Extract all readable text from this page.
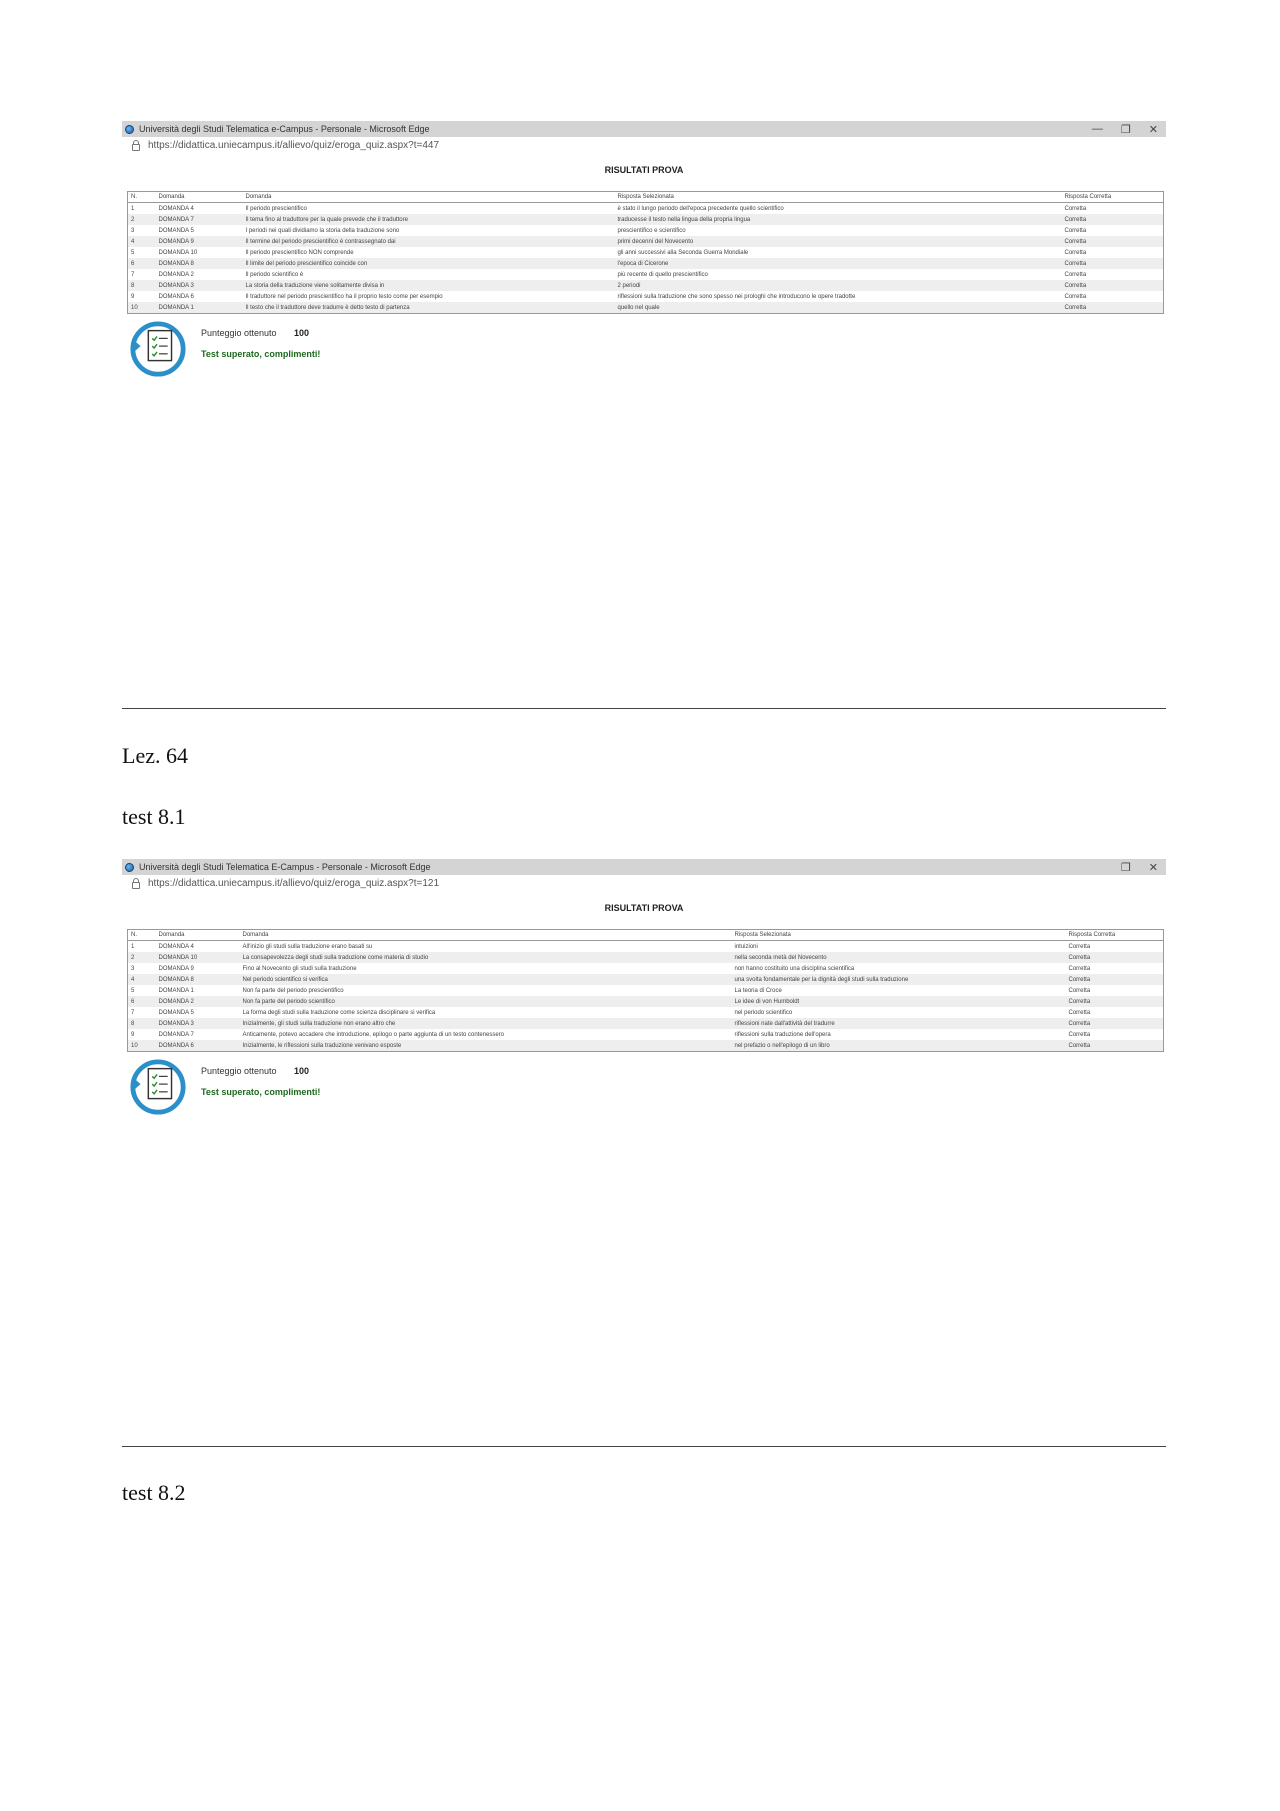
Università degli Studi Telematica e-Campus - Personale - Microsoft Edge	— ❐ ✕
https://didattica.uniecampus.it/allievo/quiz/eroga_quiz.aspx?t=447
RISULTATI PROVA
N.	Domanda	Domanda	Risposta Selezionata	Risposta Corretta
1	DOMANDA 4	Il periodo prescientifico	è stato il lungo periodo dell'epoca precedente quello scientifico	Corretta
2	DOMANDA 7	Il tema fino al traduttore per la quale prevede che il traduttore	traducesse il testo nella lingua della propria lingua	Corretta
3	DOMANDA 5	I periodi nei quali dividiamo la storia della traduzione sono	prescientifico e scientifico	Corretta
4	DOMANDA 9	Il termine del periodo prescientifico è contrassegnato dai	primi decenni del Novecento	Corretta
5	DOMANDA 10	Il periodo prescientifico NON comprende	gli anni successivi alla Seconda Guerra Mondiale	Corretta
6	DOMANDA 8	Il limite del periodo prescientifico coincide con	l'epoca di Cicerone	Corretta
7	DOMANDA 2	Il periodo scientifico è	più recente di quello prescientifico	Corretta
8	DOMANDA 3	La storia della traduzione viene solitamente divisa in	2 periodi	Corretta
9	DOMANDA 6	Il traduttore nel periodo prescientifico ha il proprio testo come per esempio	riflessioni sulla traduzione che sono spesso nei prologhi che introducono le opere tradotte	Corretta
10	DOMANDA 1	Il testo che il traduttore deve tradurre è detto testo di partenza	quello nel quale	Corretta
Punteggio ottenuto 100
Test superato, complimenti!
Lez. 64
test 8.1
Università degli Studi Telematica E-Campus - Personale - Microsoft Edge	❐ ✕
https://didattica.uniecampus.it/allievo/quiz/eroga_quiz.aspx?t=121
RISULTATI PROVA
N.	Domanda	Domanda	Risposta Selezionata	Risposta Corretta
1	DOMANDA 4	All'inizio gli studi sulla traduzione erano basati su	intuizioni	Corretta
2	DOMANDA 10	La consapevolezza degli studi sulla traduzione come materia di studio	nella seconda metà del Novecento	Corretta
3	DOMANDA 9	Fino al Novecento gli studi sulla traduzione	non hanno costituito una disciplina scientifica	Corretta
4	DOMANDA 8	Nel periodo scientifico si verifica	una svolta fondamentale per la dignità degli studi sulla traduzione	Corretta
5	DOMANDA 1	Non fa parte del periodo prescientifico	La teoria di Croce	Corretta
6	DOMANDA 2	Non fa parte del periodo scientifico	Le idee di von Humboldt	Corretta
7	DOMANDA 5	La forma degli studi sulla traduzione come scienza disciplinare si verifica	nel periodo scientifico	Corretta
8	DOMANDA 3	Inizialmente, gli studi sulla traduzione non erano altro che	riflessioni nate dall'attività del tradurre	Corretta
9	DOMANDA 7	Anticamente, potevo accadere che introduzione, epilogo o parte aggiunta di un testo contenessero	riflessioni sulla traduzione dell'opera	Corretta
10	DOMANDA 6	Inizialmente, le riflessioni sulla traduzione venivano esposte	nel prefazio o nell'epilogo di un libro	Corretta
Punteggio ottenuto 100
Test superato, complimenti!
test 8.2
